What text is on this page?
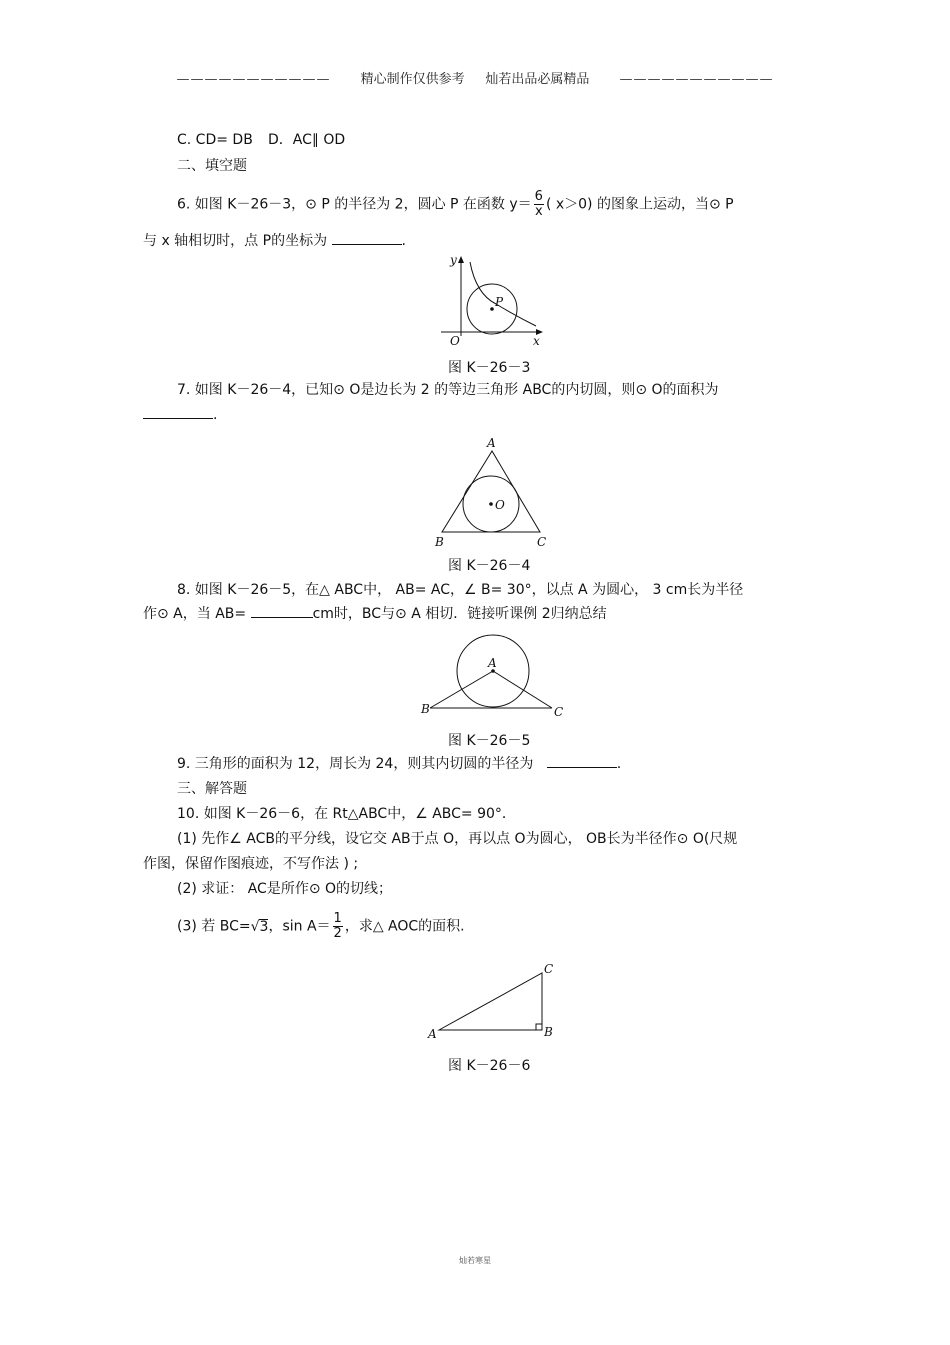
——————————— 精心制作仅供参考 灿若出品必属精品 ———————————
C. CD= DB D．AC∥ OD
二、填空题
6. 如图 K－26－3，⊙ P 的半径为 2，圆心 P 在函数 $y= \frac{6}{x}$ ( x＞0) 的图象上运动，当⊙ P
与 x 轴相切时，点 P的坐标为	.
y
O	x
P
图 K－26－3
7. 如图 K－26－4，已知⊙ O是边长为 2 的等边三角形 ABC的内切圆，则⊙ O的面积为
.
A
B	C
O
图 K－26－4
8. 如图 K－26－5，在△ ABC中， AB= AC，∠ B= 30°，以点 A 为圆心， 3 cm长为半径
作⊙ A，当 AB=	cm时，BC与⊙ A 相切．链接听课例 2归纳总结
A
B	C
图 K－26－5
9. 三角形的面积为 12，周长为 24，则其内切圆的半径为	.
三、解答题
10. 如图 K－26－6，在 Rt△ABC中，∠ ABC= 90°．
(1) 先作∠ ACB的平分线，设它交 AB于点 O，再以点 O为圆心， OB长为半径作⊙ O(尺规
作图，保留作图痕迹，不写作法 ) ;
(2) 求证： AC是所作⊙ O的切线；
(3) 若 BC=√3，$\sin A= \frac{1}{2}$ ，求△ AOC的面积.
A	B
C
图 K－26－6
灿若寒星
